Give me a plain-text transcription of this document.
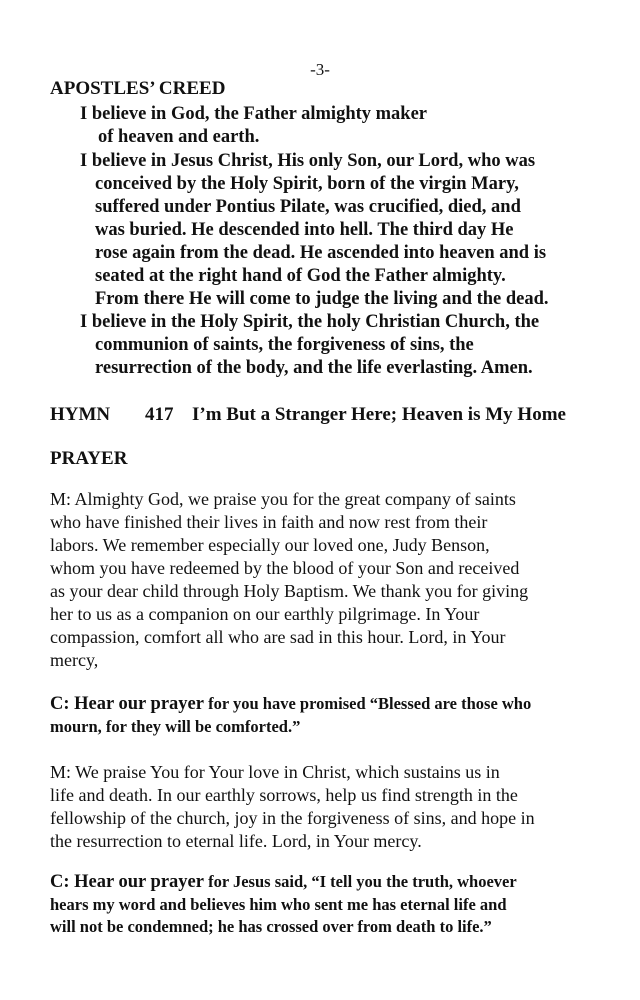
-3-
APOSTLES’ CREED
I believe in God, the Father almighty maker
of heaven and earth.
I believe in Jesus Christ, His only Son, our Lord, who was
conceived by the Holy Spirit, born of the virgin Mary,
suffered under Pontius Pilate, was crucified, died, and
was buried. He descended into hell. The third day He
rose again from the dead. He ascended into heaven and is
seated at the right hand of God the Father almighty.
From there He will come to judge the living and the dead.
I believe in the Holy Spirit, the holy Christian Church, the
communion of saints, the forgiveness of sins, the
resurrection of the body, and the life everlasting. Amen.
HYMN 417 I’m But a Stranger Here; Heaven is My Home
PRAYER
M: Almighty God, we praise you for the great company of saints
who have finished their lives in faith and now rest from their
labors. We remember especially our loved one, Judy Benson,
whom you have redeemed by the blood of your Son and received
as your dear child through Holy Baptism. We thank you for giving
her to us as a companion on our earthly pilgrimage. In Your
compassion, comfort all who are sad in this hour. Lord, in Your
mercy,
C: Hear our prayer for you have promised “Blessed are those who
mourn, for they will be comforted.”
M: We praise You for Your love in Christ, which sustains us in
life and death. In our earthly sorrows, help us find strength in the
fellowship of the church, joy in the forgiveness of sins, and hope in
the resurrection to eternal life. Lord, in Your mercy.
C: Hear our prayer for Jesus said, “I tell you the truth, whoever
hears my word and believes him who sent me has eternal life and
will not be condemned; he has crossed over from death to life.”
